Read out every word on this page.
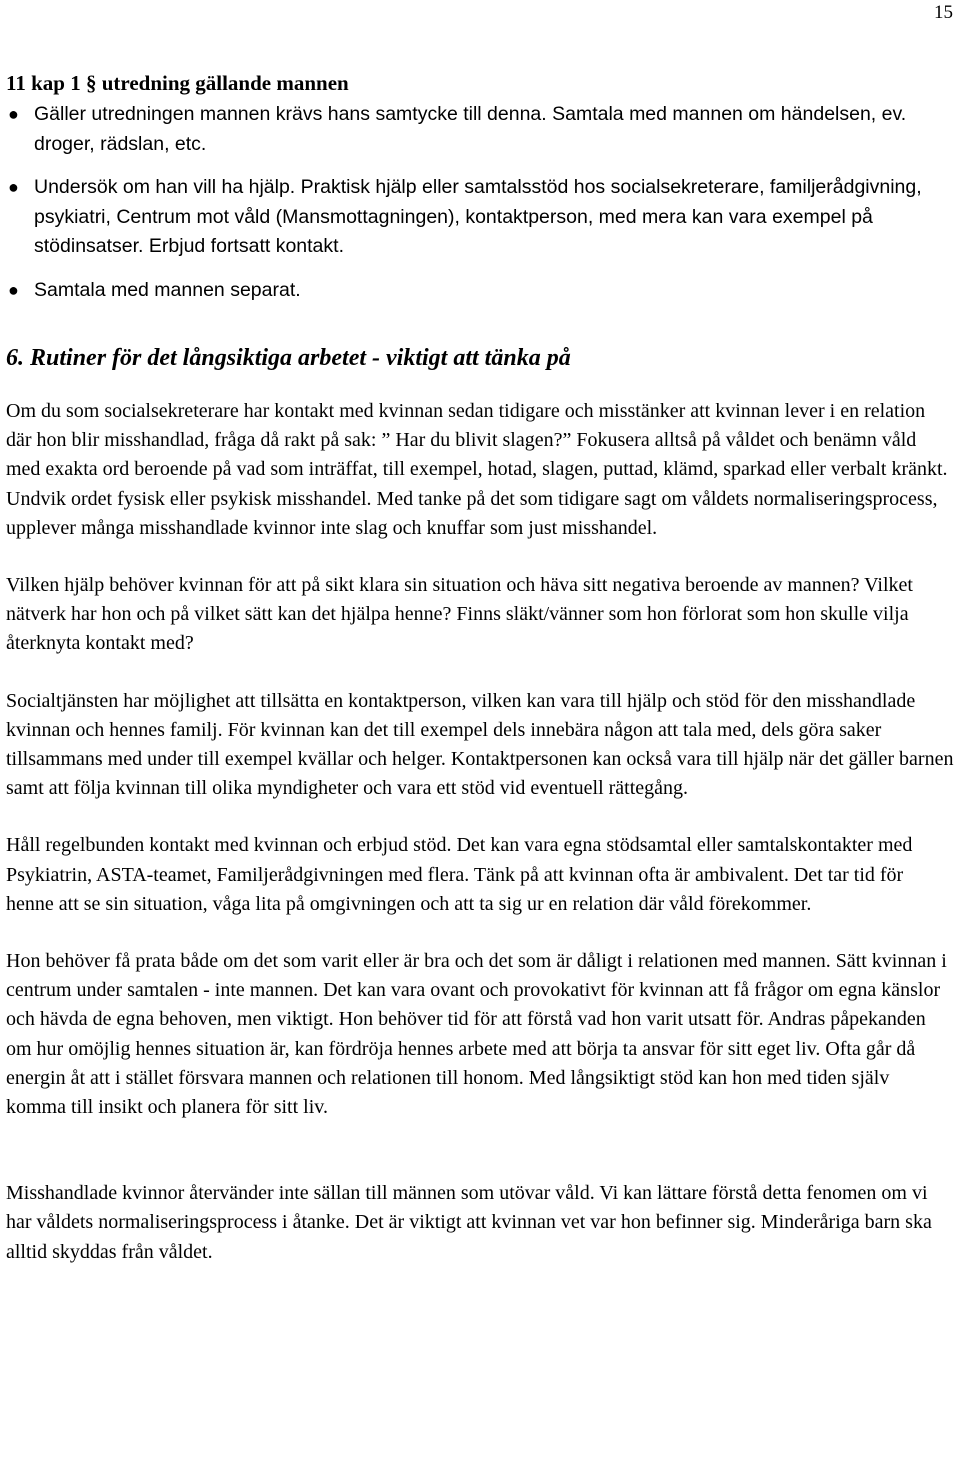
15

11 kap 1 § utredning gällande mannen

● Gäller utredningen mannen krävs hans samtycke till denna. Samtala med mannen om händelsen, ev. droger, rädslan, etc.
● Undersök om han vill ha hjälp. Praktisk hjälp eller samtalsstöd hos socialsekreterare, familjerådgivning, psykiatri, Centrum mot våld (Mansmottagningen), kontaktperson, med mera kan vara exempel på stödinsatser. Erbjud fortsatt kontakt.
● Samtala med mannen separat.

6. Rutiner för det långsiktiga arbetet - viktigt att tänka på

Om du som socialsekreterare har kontakt med kvinnan sedan tidigare och misstänker att kvinnan lever i en relation där hon blir misshandlad, fråga då rakt på sak: ” Har du blivit slagen?” Fokusera alltså på våldet och benämn våld med exakta ord beroende på vad som inträffat, till exempel, hotad, slagen, puttad, klämd, sparkad eller verbalt kränkt. Undvik ordet fysisk eller psykisk misshandel. Med tanke på det som tidigare sagt om våldets normaliseringsprocess, upplever många misshandlade kvinnor inte slag och knuffar som just misshandel.

Vilken hjälp behöver kvinnan för att på sikt klara sin situation och häva sitt negativa beroende av mannen? Vilket nätverk har hon och på vilket sätt kan det hjälpa henne? Finns släkt/vänner som hon förlorat som hon skulle vilja återknyta kontakt med?

Socialtjänsten har möjlighet att tillsätta en kontaktperson, vilken kan vara till hjälp och stöd för den misshandlade kvinnan och hennes familj. För kvinnan kan det till exempel dels innebära någon att tala med, dels göra saker tillsammans med under till exempel kvällar och helger. Kontaktpersonen kan också vara till hjälp när det gäller barnen samt att följa kvinnan till olika myndigheter och vara ett stöd vid eventuell rättegång.

Håll regelbunden kontakt med kvinnan och erbjud stöd. Det kan vara egna stödsamtal eller samtalskontakter med Psykiatrin, ASTA-teamet, Familjerådgivningen med flera. Tänk på att kvinnan ofta är ambivalent. Det tar tid för henne att se sin situation, våga lita på omgivningen och att ta sig ur en relation där våld förekommer.

Hon behöver få prata både om det som varit eller är bra och det som är dåligt i relationen med mannen. Sätt kvinnan i centrum under samtalen - inte mannen. Det kan vara ovant och provokativt för kvinnan att få frågor om egna känslor och hävda de egna behoven, men viktigt. Hon behöver tid för att förstå vad hon varit utsatt för. Andras påpekanden om hur omöjlig hennes situation är, kan fördröja hennes arbete med att börja ta ansvar för sitt eget liv. Ofta går då energin åt att i stället försvara mannen och relationen till honom. Med långsiktigt stöd kan hon med tiden själv komma till insikt och planera för sitt liv.

Misshandlade kvinnor återvänder inte sällan till männen som utövar våld. Vi kan lättare förstå detta fenomen om vi har våldets normaliseringsprocess i åtanke. Det är viktigt att kvinnan vet var hon befinner sig. Minderåriga barn ska alltid skyddas från våldet.
